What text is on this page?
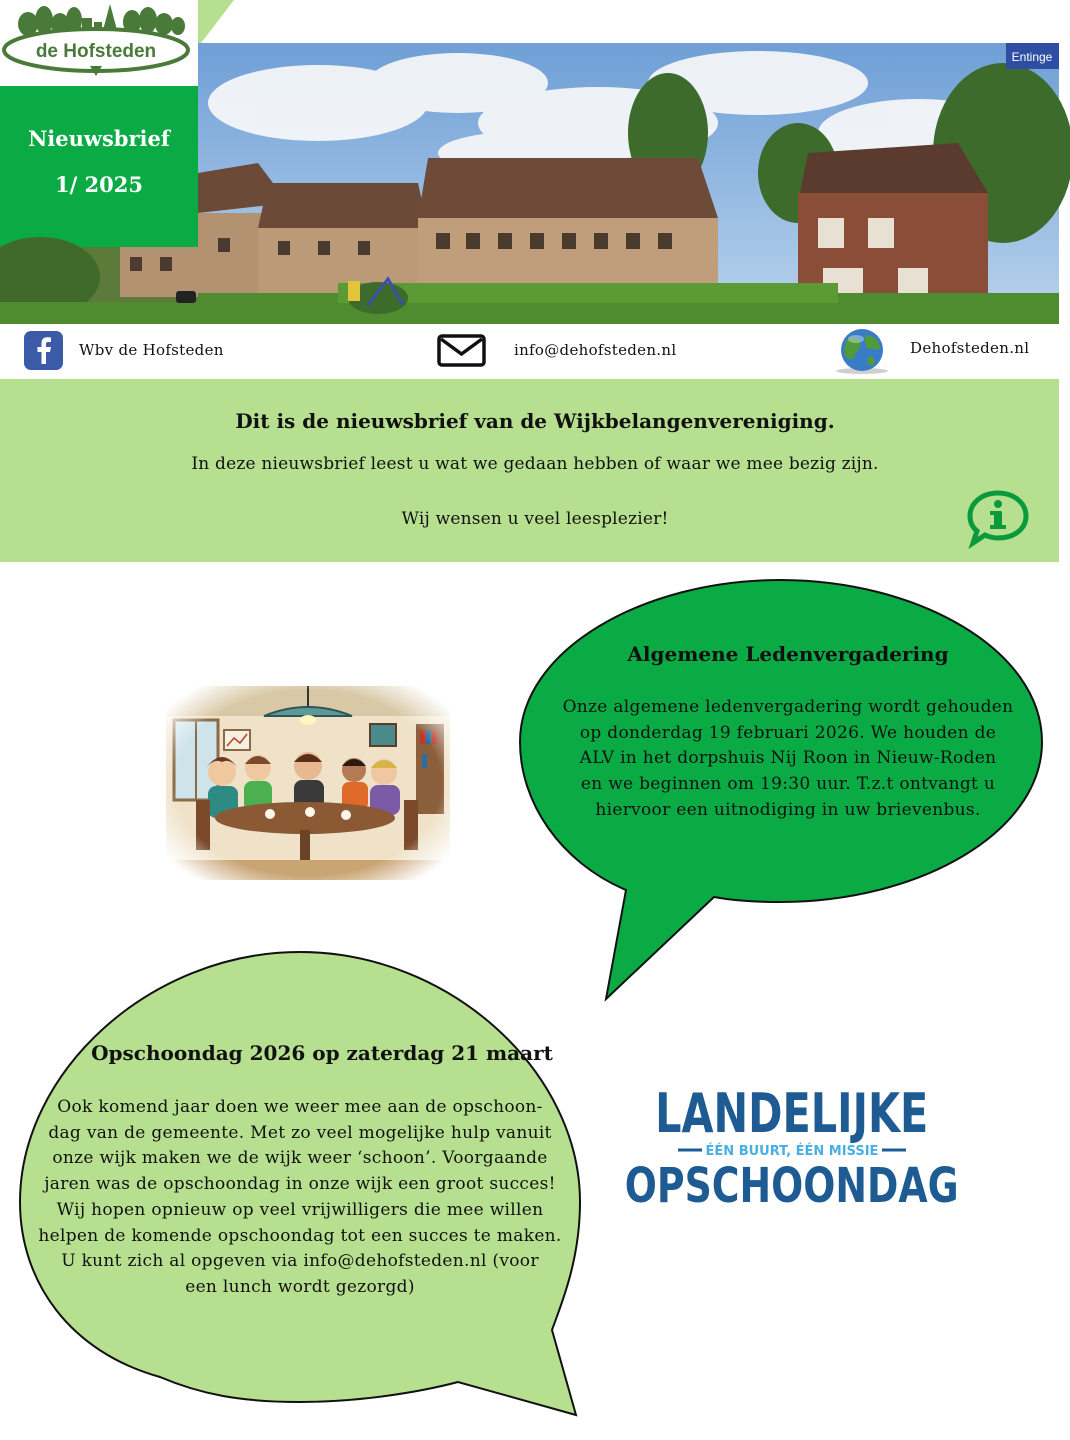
de Hofsteden	Entinge
Nieuwsbrief
1/ 2025
Wbv de Hofsteden	info@dehofsteden.nl	Dehofsteden.nl
Dit is de nieuwsbrief van de Wijkbelangenvereniging.
In deze nieuwsbrief leest u wat we gedaan hebben of waar we mee bezig zijn.
Wij wensen u veel leesplezier!
Algemene Ledenvergadering
Onze algemene ledenvergadering wordt gehouden
op donderdag 19 februari 2026. We houden de
ALV in het dorpshuis Nij Roon in Nieuw-Roden
en we beginnen om 19:30 uur. T.z.t ontvangt u
hiervoor een uitnodiging in uw brievenbus.
Opschoondag 2026 op zaterdag 21 maart
Ook komend jaar doen we weer mee aan de opschoon-
dag van de gemeente. Met zo veel mogelijke hulp vanuit
onze wijk maken we de wijk weer ‘schoon’. Voorgaande
jaren was de opschoondag in onze wijk een groot succes!
Wij hopen opnieuw op veel vrijwilligers die mee willen
helpen de komende opschoondag tot een succes te maken.
U kunt zich al opgeven via info@dehofsteden.nl (voor
een lunch wordt gezorgd)
LANDELIJKE
ÉÉN BUURT, ÉÉN MISSIE
OPSCHOONDAG
